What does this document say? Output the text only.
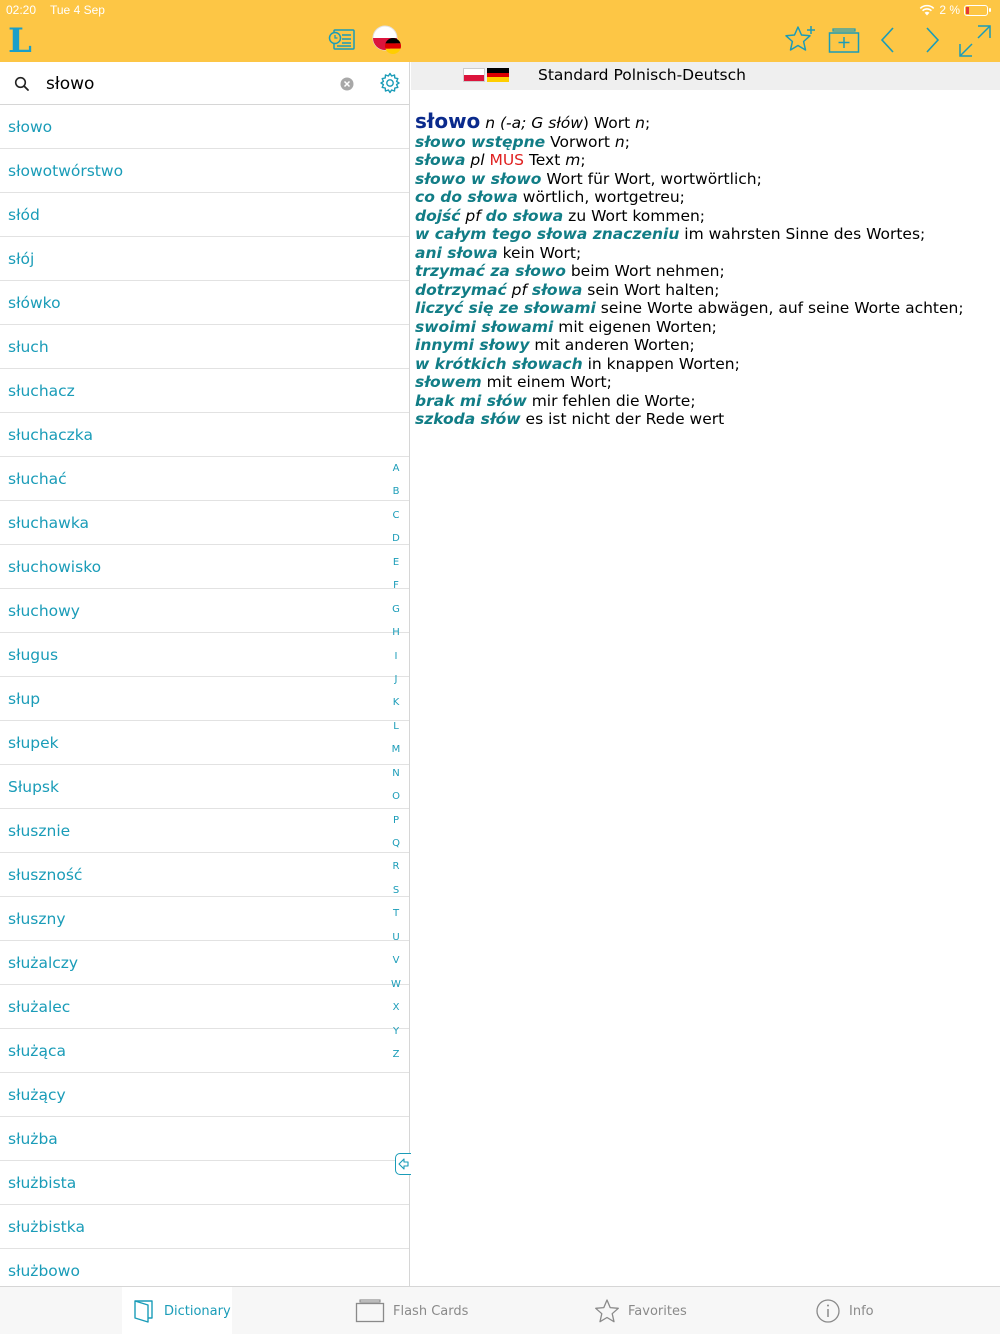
02:20 Tue 4 Sep	2 %
L
słowo
słowo
słowotwórstwo
słód
słój
słówko
słuch
słuchacz
słuchaczka
słuchać
słuchawka
słuchowisko
słuchowy
sługus
słup
słupek
Słupsk
słusznie
słuszność
słuszny
służalczy
służalec
służąca
służący
służba
służbista
służbistka
służbowo
A
B
C
D
E
F
G
H
I
J
K
L
M
N
O
P
Q
R
S
T
U
V
W
X
Y
Z
Standard Polnisch-Deutsch
słowo n (-a; G słów) Wort n;
słowo wstępne Vorwort n;
słowa pl MUS Text m;
słowo w słowo Wort für Wort, wortwörtlich;
co do słowa wörtlich, wortgetreu;
dojść pf do słowa zu Wort kommen;
w całym tego słowa znaczeniu im wahrsten Sinne des Wortes;
ani słowa kein Wort;
trzymać za słowo beim Wort nehmen;
dotrzymać pf słowa sein Wort halten;
liczyć się ze słowami seine Worte abwägen, auf seine Worte achten;
swoimi słowami mit eigenen Worten;
innymi słowy mit anderen Worten;
w krótkich słowach in knappen Worten;
słowem mit einem Wort;
brak mi słów mir fehlen die Worte;
szkoda słów es ist nicht der Rede wert
Dictionary	Flash Cards	Favorites	Info
